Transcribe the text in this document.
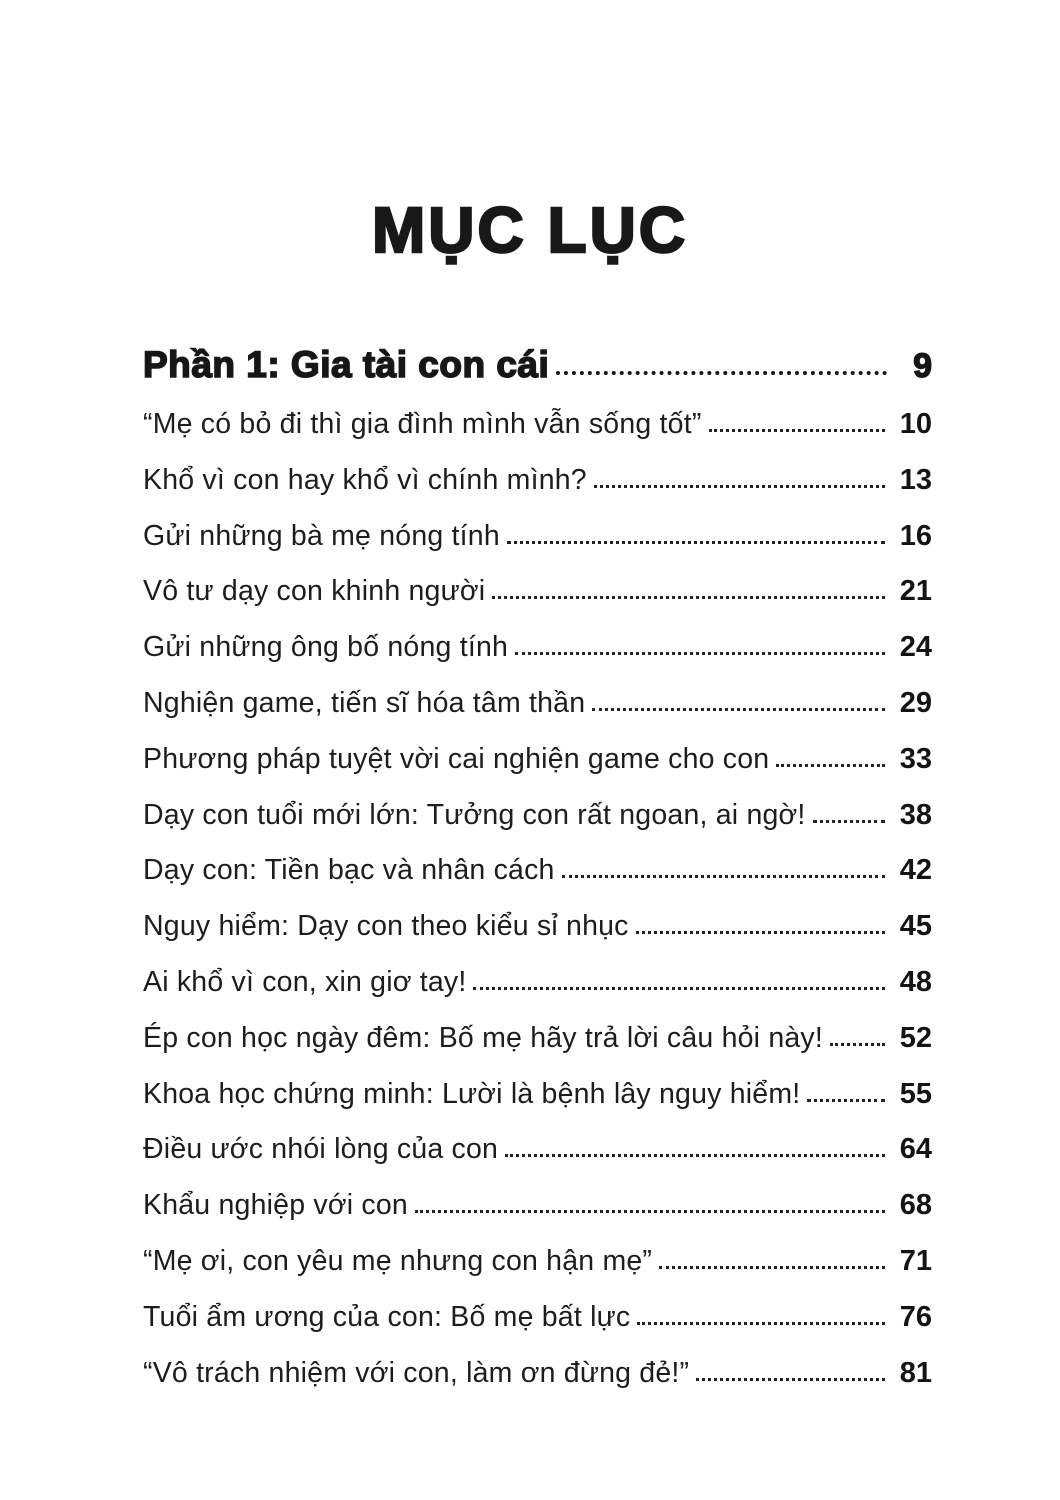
MỤC LỤC
Phần 1: Gia tài con cái	9
“Mẹ có bỏ đi thì gia đình mình vẫn sống tốt”	10
Khổ vì con hay khổ vì chính mình?	13
Gửi những bà mẹ nóng tính	16
Vô tư dạy con khinh người	21
Gửi những ông bố nóng tính	24
Nghiện game, tiến sĩ hóa tâm thần	29
Phương pháp tuyệt vời cai nghiện game cho con	33
Dạy con tuổi mới lớn: Tưởng con rất ngoan, ai ngờ!	38
Dạy con: Tiền bạc và nhân cách	42
Nguy hiểm: Dạy con theo kiểu sỉ nhục	45
Ai khổ vì con, xin giơ tay!	48
Ép con học ngày đêm: Bố mẹ hãy trả lời câu hỏi này!	52
Khoa học chứng minh: Lười là bệnh lây nguy hiểm!	55
Điều ước nhói lòng của con	64
Khẩu nghiệp với con	68
“Mẹ ơi, con yêu mẹ nhưng con hận mẹ”	71
Tuổi ẩm ương của con: Bố mẹ bất lực	76
“Vô trách nhiệm với con, làm ơn đừng đẻ!”	81
